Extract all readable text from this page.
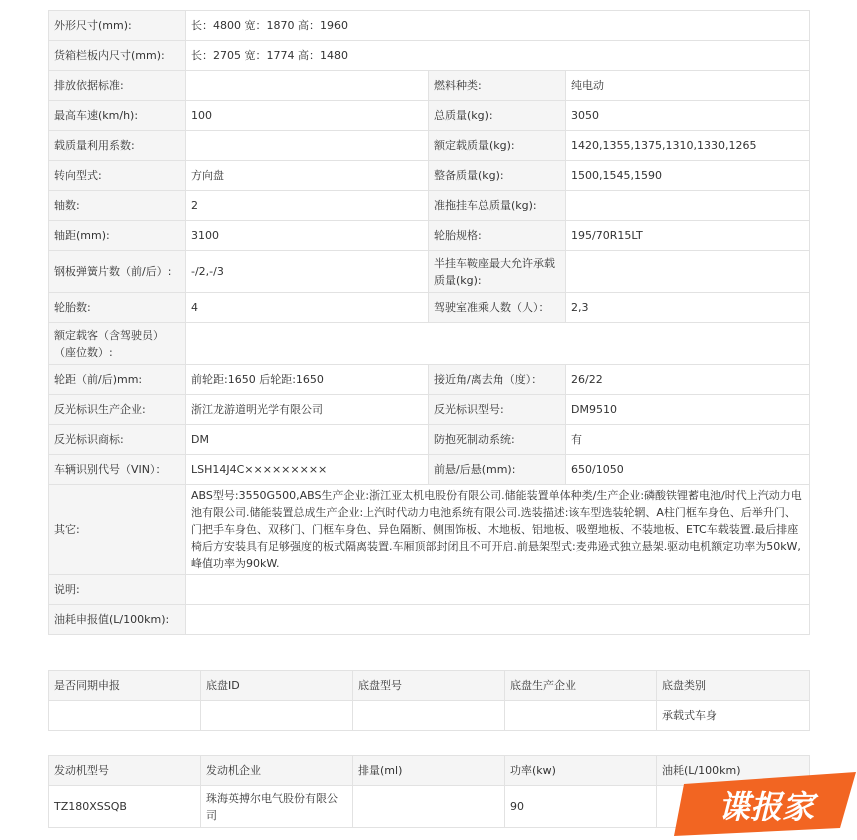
外形尺寸(mm):	长：4800 宽：1870 高：1960		
货箱栏板内尺寸(mm):	长：2705 宽：1774 高：1480		
排放依据标准:		燃料种类:	纯电动
最高车速(km/h):	100	总质量(kg):	3050
载质量利用系数:		额定载质量(kg):	1420,1355,1375,1310,1330,1265
转向型式:	方向盘	整备质量(kg):	1500,1545,1590
轴数:	2	准拖挂车总质量(kg):	
轴距(mm):	3100	轮胎规格:	195/70R15LT
钢板弹簧片数（前/后）:	-/2,-/3	半挂车鞍座最大允许承载质量(kg):	
轮胎数:	4	驾驶室准乘人数（人）：	2,3
额定载客（含驾驶员）（座位数）:			
轮距（前/后)mm:	前轮距:1650 后轮距:1650	接近角/离去角（度）：	26/22
反光标识生产企业:	浙江龙游道明光学有限公司	反光标识型号:	DM9510
反光标识商标:	DM	防抱死制动系统:	有
车辆识别代号（VIN）：	LSH14J4C×××××××××	前悬/后悬(mm):	650/1050
其它:	ABS型号:3550G500,ABS生产企业:浙江亚太机电股份有限公司.储能装置单体种类/生产企业:磷酸铁锂蓄电池/时代上汽动力电池有限公司.储能装置总成生产企业:上汽时代动力电池系统有限公司.选装描述:该车型选装轮辋、A柱门框车身色、后举升门、门把手车身色、双移门、门框车身色、异色隔断、侧围饰板、木地板、铝地板、吸塑地板、不装地板、ETC车载装置.最后排座椅后方安装具有足够强度的板式隔离装置.车厢顶部封闭且不可开启.前悬架型式:麦弗逊式独立悬架.驱动电机额定功率为50kW,峰值功率为90kW.		
说明:			
油耗申报值(L/100km):			
是否同期申报	底盘ID	底盘型号	底盘生产企业	底盘类别
				承载式车身
发动机型号	发动机企业	排量(ml)	功率(kw)	油耗(L/100km)
TZ180XSSQB	珠海英搏尔电气股份有限公司		90		谍报家
